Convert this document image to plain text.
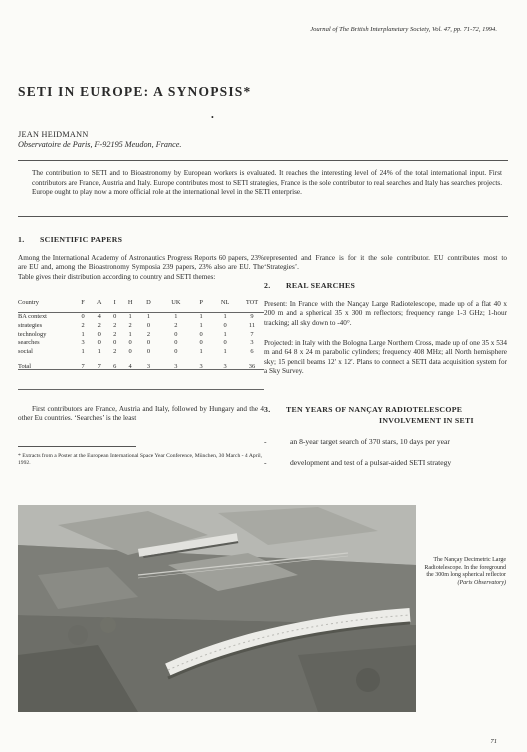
Journal of The British Interplanetary Society, Vol. 47, pp. 71-72, 1994.
SETI IN EUROPE: A SYNOPSIS*
•
JEAN HEIDMANN
Observatoire de Paris, F-92195 Meudon, France.
The contribution to SETI and to Bioastronomy by European workers is evaluated. It reaches the interesting level of 24% of the total international input. First contributors are France, Austria and Italy. Europe contributes most to SETI strategies, France is the sole contributor to real searches and Italy has searches projects. Europe ought to play now a more official role at the international level in the SETI enterprise.
1. SCIENTIFIC PAPERS
Among the International Academy of Astronautics Progress Reports 60 papers, 23% are EU and, among the Bioastronomy Symposia 239 papers, 23% also are EU. The Table gives their distribution according to country and SETI themes:
Country	F	A	I	H	D	UK	P	NL	TOT
BA context	0	4	0	1	1	1	1	1	9
strategies	2	2	2	2	0	2	1	0	11
technology	1	0	2	1	2	0	0	1	7
searches	3	0	0	0	0	0	0	0	3
social	1	1	2	0	0	0	1	1	6

Total	7	7	6	4	3	3	3	3	36
First contributors are France, Austria and Italy, followed by Hungary and the 4 other Eu countries. ‘Searches’ is the least
* Extracts from a Poster at the European International Space Year Conference, München, 30 March - 4 April, 1992.
represented and France is for it the sole contributor. EU contributes most to ‘Strategies’.
2. REAL SEARCHES
Present: In France with the Nançay Large Radiotelescope, made up of a flat 40 x 200 m and a spherical 35 x 300 m reflectors; frequency range 1-3 GHz; 1-hour tracking; all sky down to -40°.
Projected: in Italy with the Bologna Large Northern Cross, made up of one 35 x 534 m and 64 8 x 24 m parabolic cylinders; frequency 408 MHz; all North hemisphere sky; 15 pencil beams 12′ x 12′. Plans to connect a SETI data acquisition system for a Sky Survey.
3. TEN YEARS OF NANÇAY RADIOTELESCOPE
INVOLVEMENT IN SETI
-	an 8-year target search of 370 stars, 10 days per year
-	development and test of a pulsar-aided SETI strategy
The Nançay Decimetric Large Radiotelescope. In the foreground the 300m long spherical reflector
(Paris Observatory)
71
